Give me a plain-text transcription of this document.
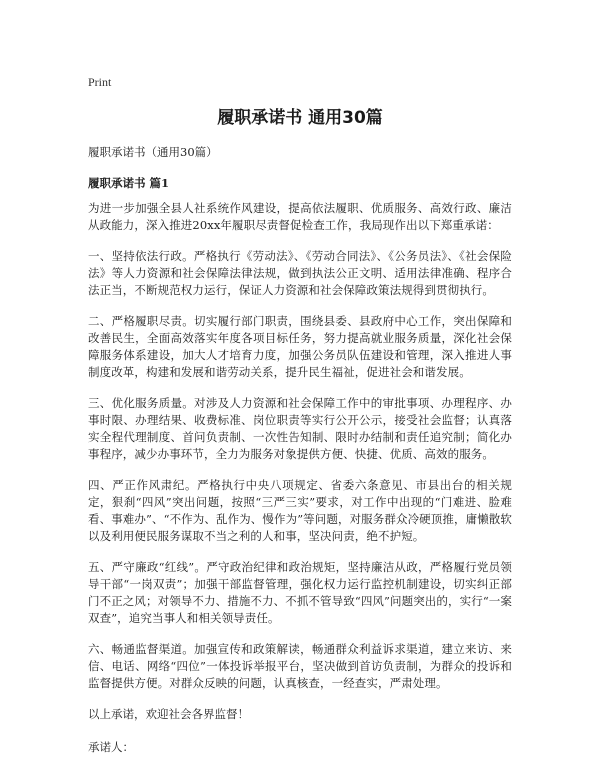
Print
履职承诺书 通用30篇
履职承诺书（通用30篇）
履职承诺书 篇1

为进一步加强全县人社系统作风建设，提高依法履职、优质服务、高效行政、廉洁从政能力，深入推进20xx年履职尽责督促检查工作，我局现作出以下郑重承诺：

一、坚持依法行政。严格执行《劳动法》、《劳动合同法》、《公务员法》、《社会保险法》等人力资源和社会保障法律法规，做到执法公正文明、适用法律准确、程序合法正当，不断规范权力运行，保证人力资源和社会保障政策法规得到贯彻执行。

二、严格履职尽责。切实履行部门职责，围绕县委、县政府中心工作，突出保障和改善民生，全面高效落实年度各项目标任务，努力提高就业服务质量，深化社会保障服务体系建设，加大人才培育力度，加强公务员队伍建设和管理，深入推进人事制度改革，构建和发展和谐劳动关系，提升民生福祉，促进社会和谐发展。

三、优化服务质量。对涉及人力资源和社会保障工作中的审批事项、办理程序、办事时限、办理结果、收费标准、岗位职责等实行公开公示，接受社会监督；认真落实全程代理制度、首问负责制、一次性告知制、限时办结制和责任追究制；简化办事程序，减少办事环节，全力为服务对象提供方便、快捷、优质、高效的服务。

四、严正作风肃纪。严格执行中央八项规定、省委六条意见、市县出台的相关规定，狠刹“四风”突出问题，按照“三严三实”要求，对工作中出现的“门难进、脸难看、事难办”、“不作为、乱作为、慢作为”等问题，对服务群众冷硬顶推，庸懒散软以及利用便民服务谋取不当之利的人和事，坚决问责，绝不护短。

五、严守廉政“红线”。严守政治纪律和政治规矩，坚持廉洁从政，严格履行党员领导干部“一岗双责”；加强干部监督管理，强化权力运行监控机制建设，切实纠正部门不正之风；对领导不力、措施不力、不抓不管导致“四风”问题突出的，实行“一案双查”，追究当事人和相关领导责任。

六、畅通监督渠道。加强宣传和政策解读，畅通群众利益诉求渠道，建立来访、来信、电话、网络“四位”一体投诉举报平台，坚决做到首访负责制，为群众的投诉和监督提供方便。对群众反映的问题，认真核查，一经查实，严肃处理。

以上承诺，欢迎社会各界监督！
承诺人：
